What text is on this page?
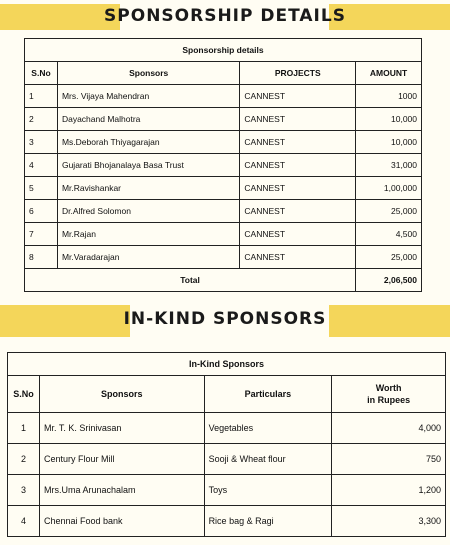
SPONSORSHIP DETAILS
Sponsorship details			
S.No	Sponsors	PROJECTS	AMOUNT
1	Mrs. Vijaya Mahendran	CANNEST	1000
2	Dayachand Malhotra	CANNEST	10,000
3	Ms.Deborah Thiyagarajan	CANNEST	10,000
4	Gujarati Bhojanalaya Basa Trust	CANNEST	31,000
5	Mr.Ravishankar	CANNEST	1,00,000
6	Dr.Alfred Solomon	CANNEST	25,000
7	Mr.Rajan	CANNEST	4,500
8	Mr.Varadarajan	CANNEST	25,000
Total			2,06,500
IN-KIND SPONSORS
In-Kind Sponsors			
S.No	Sponsors	Particulars	Worth
in Rupees

1	Mr. T. K. Srinivasan	Vegetables	4,000
2	Century Flour Mill	Sooji & Wheat flour	750
3	Mrs.Uma Arunachalam	Toys	1,200
4	Chennai Food bank	Rice bag & Ragi	3,300
